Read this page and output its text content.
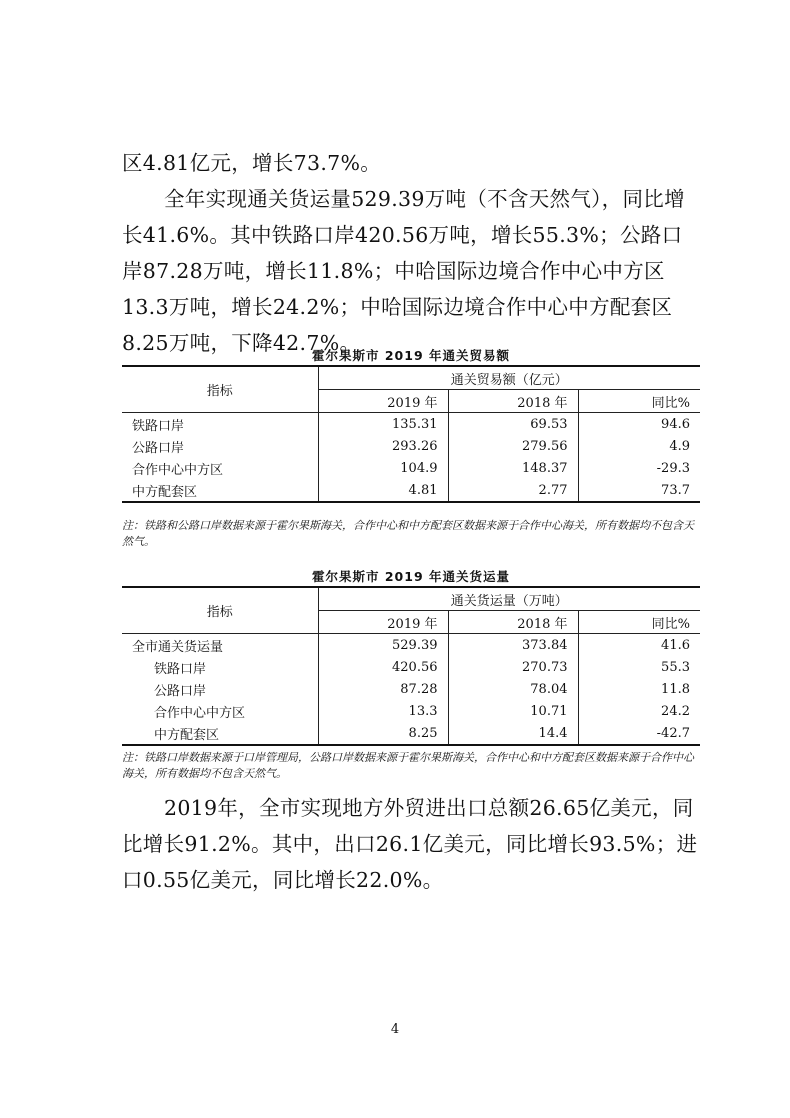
区4.81亿元，增长73.7%。
全年实现通关货运量529.39万吨（不含天然气），同比增长41.6%。其中铁路口岸420.56万吨，增长55.3%；公路口岸87.28万吨，增长11.8%；中哈国际边境合作中心中方区13.3万吨，增长24.2%；中哈国际边境合作中心中方配套区8.25万吨，下降42.7%。
霍尔果斯市 2019 年通关贸易额
指标	通关贸易额（亿元）		
	2019 年	2018 年	同比%
铁路口岸	135.31	69.53	94.6
公路口岸	293.26	279.56	4.9
合作中心中方区	104.9	148.37	-29.3
中方配套区	4.81	2.77	73.7
注：铁路和公路口岸数据来源于霍尔果斯海关，合作中心和中方配套区数据来源于合作中心海关，所有数据均不包含天然气。
霍尔果斯市 2019 年通关货运量
指标	通关货运量（万吨）		
	2019 年	2018 年	同比%
全市通关货运量	529.39	373.84	41.6
铁路口岸	420.56	270.73	55.3
公路口岸	87.28	78.04	11.8
合作中心中方区	13.3	10.71	24.2
中方配套区	8.25	14.4	-42.7
注：铁路口岸数据来源于口岸管理局，公路口岸数据来源于霍尔果斯海关，合作中心和中方配套区数据来源于合作中心海关，所有数据均不包含天然气。
2019年，全市实现地方外贸进出口总额26.65亿美元，同比增长91.2%。其中，出口26.1亿美元，同比增长93.5%；进口0.55亿美元，同比增长22.0%。
4
